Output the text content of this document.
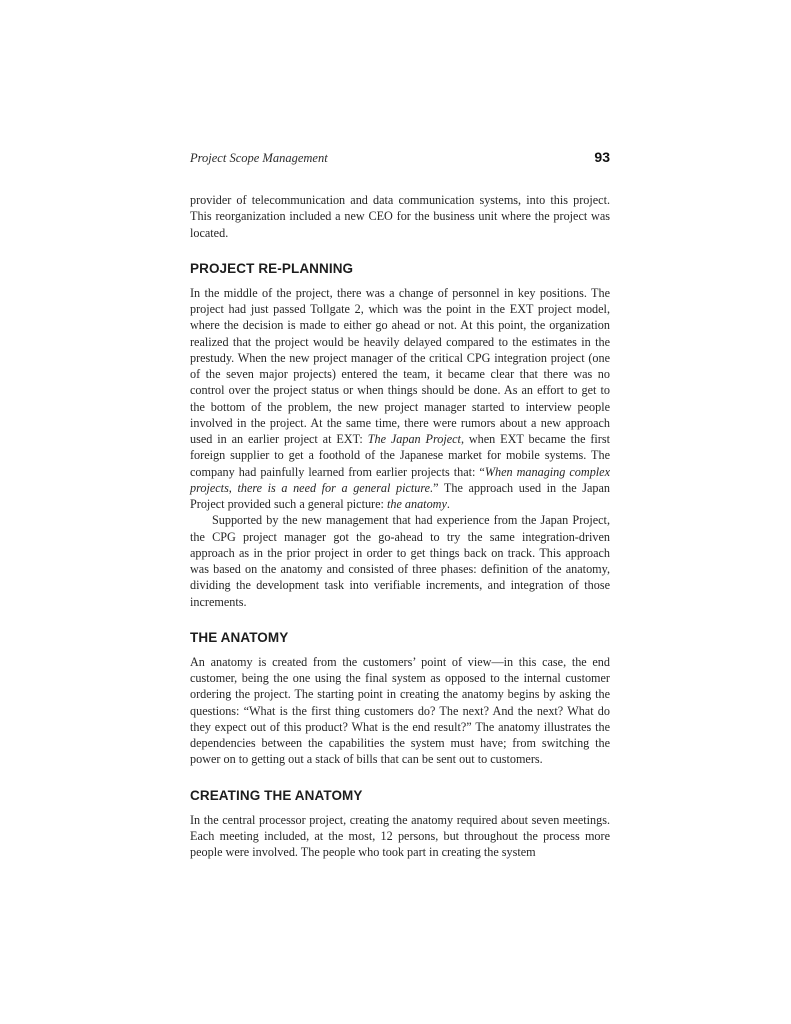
Project Scope Management	93

provider of telecommunication and data communication systems, into this project. This reorganization included a new CEO for the business unit where the project was located.

PROJECT RE-PLANNING

In the middle of the project, there was a change of personnel in key positions. The project had just passed Tollgate 2, which was the point in the EXT project model, where the decision is made to either go ahead or not. At this point, the organization realized that the project would be heavily delayed compared to the estimates in the prestudy. When the new project manager of the critical CPG integration project (one of the seven major projects) entered the team, it became clear that there was no control over the project status or when things should be done. As an effort to get to the bottom of the problem, the new project manager started to interview people involved in the project. At the same time, there were rumors about a new approach used in an earlier project at EXT: The Japan Project, when EXT became the first foreign supplier to get a foothold of the Japanese market for mobile systems. The company had painfully learned from earlier projects that: “When managing complex projects, there is a need for a general picture.” The approach used in the Japan Project provided such a general picture: the anatomy.

Supported by the new management that had experience from the Japan Project, the CPG project manager got the go-ahead to try the same integration-driven approach as in the prior project in order to get things back on track. This approach was based on the anatomy and consisted of three phases: definition of the anatomy, dividing the development task into verifiable increments, and integration of those increments.

THE ANATOMY

An anatomy is created from the customers’ point of view—in this case, the end customer, being the one using the final system as opposed to the internal customer ordering the project. The starting point in creating the anatomy begins by asking the questions: “What is the first thing customers do? The next? And the next? What do they expect out of this product? What is the end result?” The anatomy illustrates the dependencies between the capabilities the system must have; from switching the power on to getting out a stack of bills that can be sent out to customers.

CREATING THE ANATOMY

In the central processor project, creating the anatomy required about seven meetings. Each meeting included, at the most, 12 persons, but throughout the process more people were involved. The people who took part in creating the system
